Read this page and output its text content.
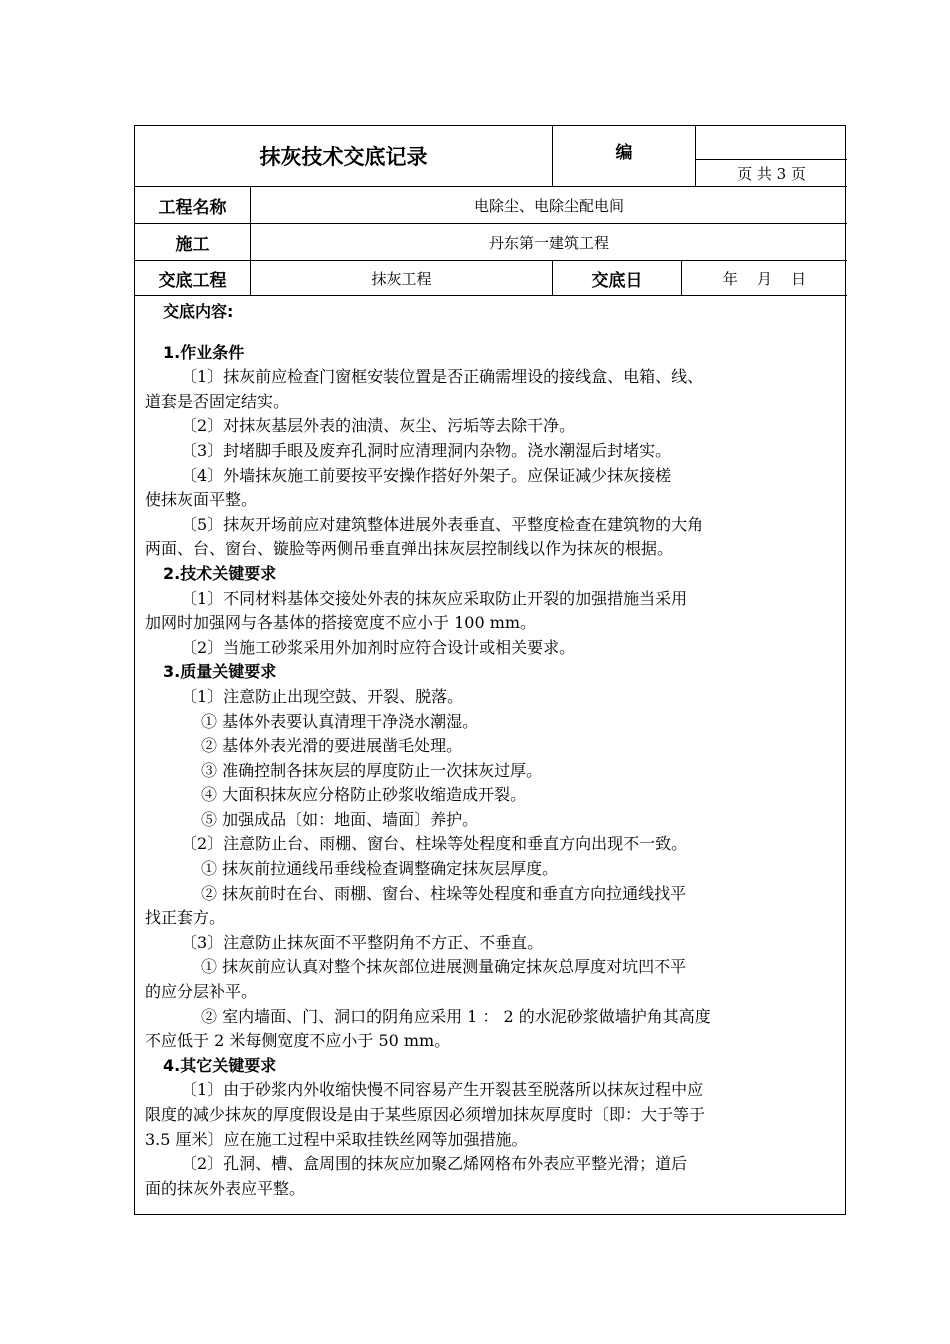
抹灰技术交底记录	编
页 共 3 页
工程名称	电除尘、电除尘配电间
施工	丹东第一建筑工程
交底工程	抹灰工程	交底日	年    月    日

交底内容:

1.作业条件

〔1〕抹灰前应检查门窗框安装位置是否正确需埋设的接线盒、电箱、线、

道套是否固定结实。

〔2〕对抹灰基层外表的油渍、灰尘、污垢等去除干净。

〔3〕封堵脚手眼及废弃孔洞时应清理洞内杂物。浇水潮湿后封堵实。

〔4〕外墙抹灰施工前要按平安操作搭好外架子。应保证减少抹灰接槎

使抹灰面平整。

〔5〕抹灰开场前应对建筑整体进展外表垂直、平整度检查在建筑物的大角

两面、台、窗台、镟脸等两侧吊垂直弹出抹灰层控制线以作为抹灰的根据。

2.技术关键要求

〔1〕不同材料基体交接处外表的抹灰应采取防止开裂的加强措施当采用

加网时加强网与各基体的搭接宽度不应小于 100 mm。

〔2〕当施工砂浆采用外加剂时应符合设计或相关要求。

3.质量关键要求

〔1〕注意防止出现空鼓、开裂、脱落。

① 基体外表要认真清理干净浇水潮湿。

② 基体外表光滑的要进展凿毛处理。

③ 准确控制各抹灰层的厚度防止一次抹灰过厚。

④ 大面积抹灰应分格防止砂浆收缩造成开裂。

⑤ 加强成品〔如：地面、墙面〕养护。

〔2〕注意防止台、雨棚、窗台、柱垛等处程度和垂直方向出现不一致。

① 抹灰前拉通线吊垂线检查调整确定抹灰层厚度。

② 抹灰前时在台、雨棚、窗台、柱垛等处程度和垂直方向拉通线找平

找正套方。

〔3〕注意防止抹灰面不平整阴角不方正、不垂直。

① 抹灰前应认真对整个抹灰部位进展测量确定抹灰总厚度对坑凹不平

的应分层补平。

② 室内墙面、门、洞口的阴角应采用 1 ： 2 的水泥砂浆做墙护角其高度

不应低于 2 米每侧宽度不应小于 50 mm。

4.其它关键要求

〔1〕由于砂浆内外收缩快慢不同容易产生开裂甚至脱落所以抹灰过程中应

限度的减少抹灰的厚度假设是由于某些原因必须增加抹灰厚度时〔即：大于等于

3.5 厘米〕应在施工过程中采取挂铁丝网等加强措施。

〔2〕孔洞、槽、盒周围的抹灰应加聚乙烯网格布外表应平整光滑；道后

面的抹灰外表应平整。
